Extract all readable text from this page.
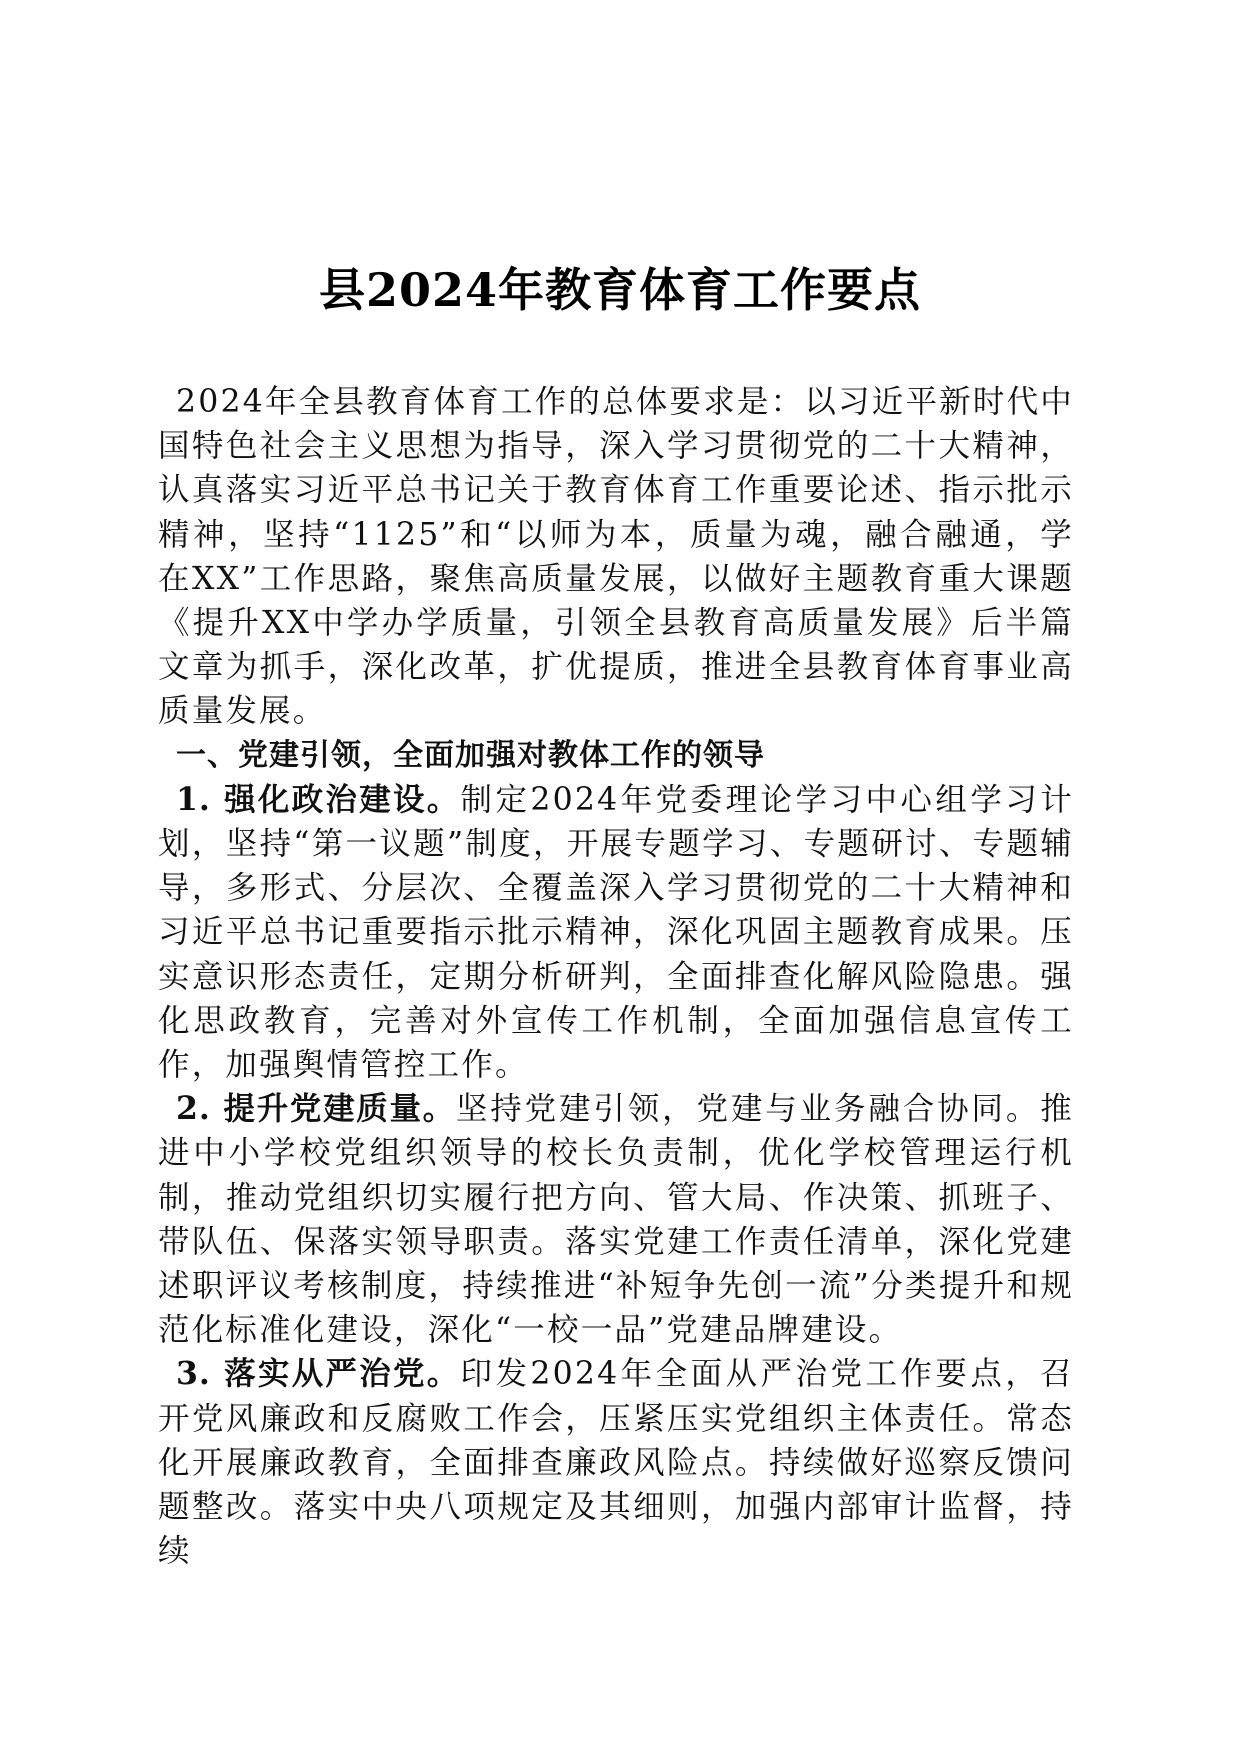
县2024年教育体育工作要点

2024年全县教育体育工作的总体要求是：以习近平新时代中国特色社会主义思想为指导，深入学习贯彻党的二十大精神，认真落实习近平总书记关于教育体育工作重要论述、指示批示精神，坚持“1125”和“以师为本，质量为魂，融合融通，学在XX”工作思路，聚焦高质量发展，以做好主题教育重大课题《提升XX中学办学质量，引领全县教育高质量发展》后半篇文章为抓手，深化改革，扩优提质，推进全县教育体育事业高质量发展。

一、党建引领，全面加强对教体工作的领导

1. 强化政治建设。制定2024年党委理论学习中心组学习计划，坚持“第一议题”制度，开展专题学习、专题研讨、专题辅导，多形式、分层次、全覆盖深入学习贯彻党的二十大精神和习近平总书记重要指示批示精神，深化巩固主题教育成果。压实意识形态责任，定期分析研判，全面排查化解风险隐患。强化思政教育，完善对外宣传工作机制，全面加强信息宣传工作，加强舆情管控工作。

2. 提升党建质量。坚持党建引领，党建与业务融合协同。推进中小学校党组织领导的校长负责制，优化学校管理运行机制，推动党组织切实履行把方向、管大局、作决策、抓班子、带队伍、保落实领导职责。落实党建工作责任清单，深化党建述职评议考核制度，持续推进“补短争先创一流”分类提升和规范化标准化建设，深化“一校一品”党建品牌建设。

3. 落实从严治党。印发2024年全面从严治党工作要点，召开党风廉政和反腐败工作会，压紧压实党组织主体责任。常态化开展廉政教育，全面排查廉政风险点。持续做好巡察反馈问题整改。落实中央八项规定及其细则，加强内部审计监督，持续
